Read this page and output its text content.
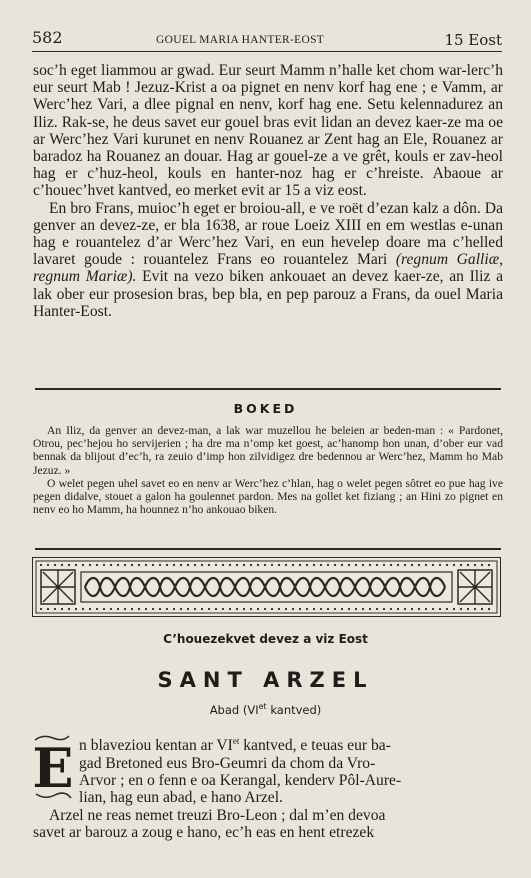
582	GOUEL MARIA HANTER-EOST	15 Eost

soc’h eget liammou ar gwad. Eur seurt Mamm n’halle ket chom war-lerc’h eur seurt Mab ! Jezuz-Krist a oa pignet en nenv korf hag ene ; e Vamm, ar Werc’hez Vari, a dlee pignal en nenv, korf hag ene. Setu kelennadurez an Iliz. Rak-se, he deus savet eur gouel bras evit lidan an devez kaer-ze ma oe ar Werc’hez Vari kurunet en nenv Rouanez ar Zent hag an Ele, Rouanez ar baradoz ha Rouanez an douar. Hag ar gouel-ze a ve grêt, kouls er zav-heol hag er c’huz-heol, kouls en hanter-noz hag er c’hreiste. Abaoue ar c’houec’hvet kantved, eo merket evit ar 15 a viz eost.

En bro Frans, muioc’h eget er broiou-all, e ve roët d’ezan kalz a dôn. Da genver an devez-ze, er bla 1638, ar roue Loeiz XIII en em westlas e-unan hag e rouantelez d’ar Werc’hez Vari, en eun hevelep doare ma c’helled lavaret goude : rouantelez Frans eo rouantelez Mari (regnum Galliæ, regnum Mariæ). Evit na vezo biken ankouaet an devez kaer-ze, an Iliz a lak ober eur prosesion bras, bep bla, en pep parouz a Frans, da ouel Maria Hanter-Eost.

BOKED

An Iliz, da genver an devez-man, a lak war muzellou he beleien ar beden-man : « Pardonet, Otrou, pec’hejou ho servijerien ; ha dre ma n’omp ket goest, ac’hanomp hon unan, d’ober eur vad bennak da blijout d’ec’h, ra zeuio d’imp hon zilvidigez dre bedennou ar Werc’hez, Mamm ho Mab Jezuz. »

O welet pegen uhel savet eo en nenv ar Werc’hez c’hlan, hag o welet pegen sôtret eo pue hag ive pegen didalve, stouet a galon ha goulennet pardon. Mes na gollet ket fiziang ; an Hini zo pignet en nenv eo ho Mamm, ha hounnez n’ho ankouao biken.

C’houezekvet devez a viz Eost
SANT ARZEL
Abad ($VI^{et}$ kantved)
E n blaveziou kentan ar $VI^{et}$ kantved, e teuas eur ba-
gad Bretoned eus Bro-Geumri da chom da Vro-
Arvor ; en o fenn e oa Kerangal, kenderv Pôl-Aure-
lian, hag eun abad, e hano Arzel.
Arzel ne reas nemet treuzi Bro-Leon ; dal m’en devoa
savet ar barouz a zoug e hano, ec’h eas en hent etrezek
